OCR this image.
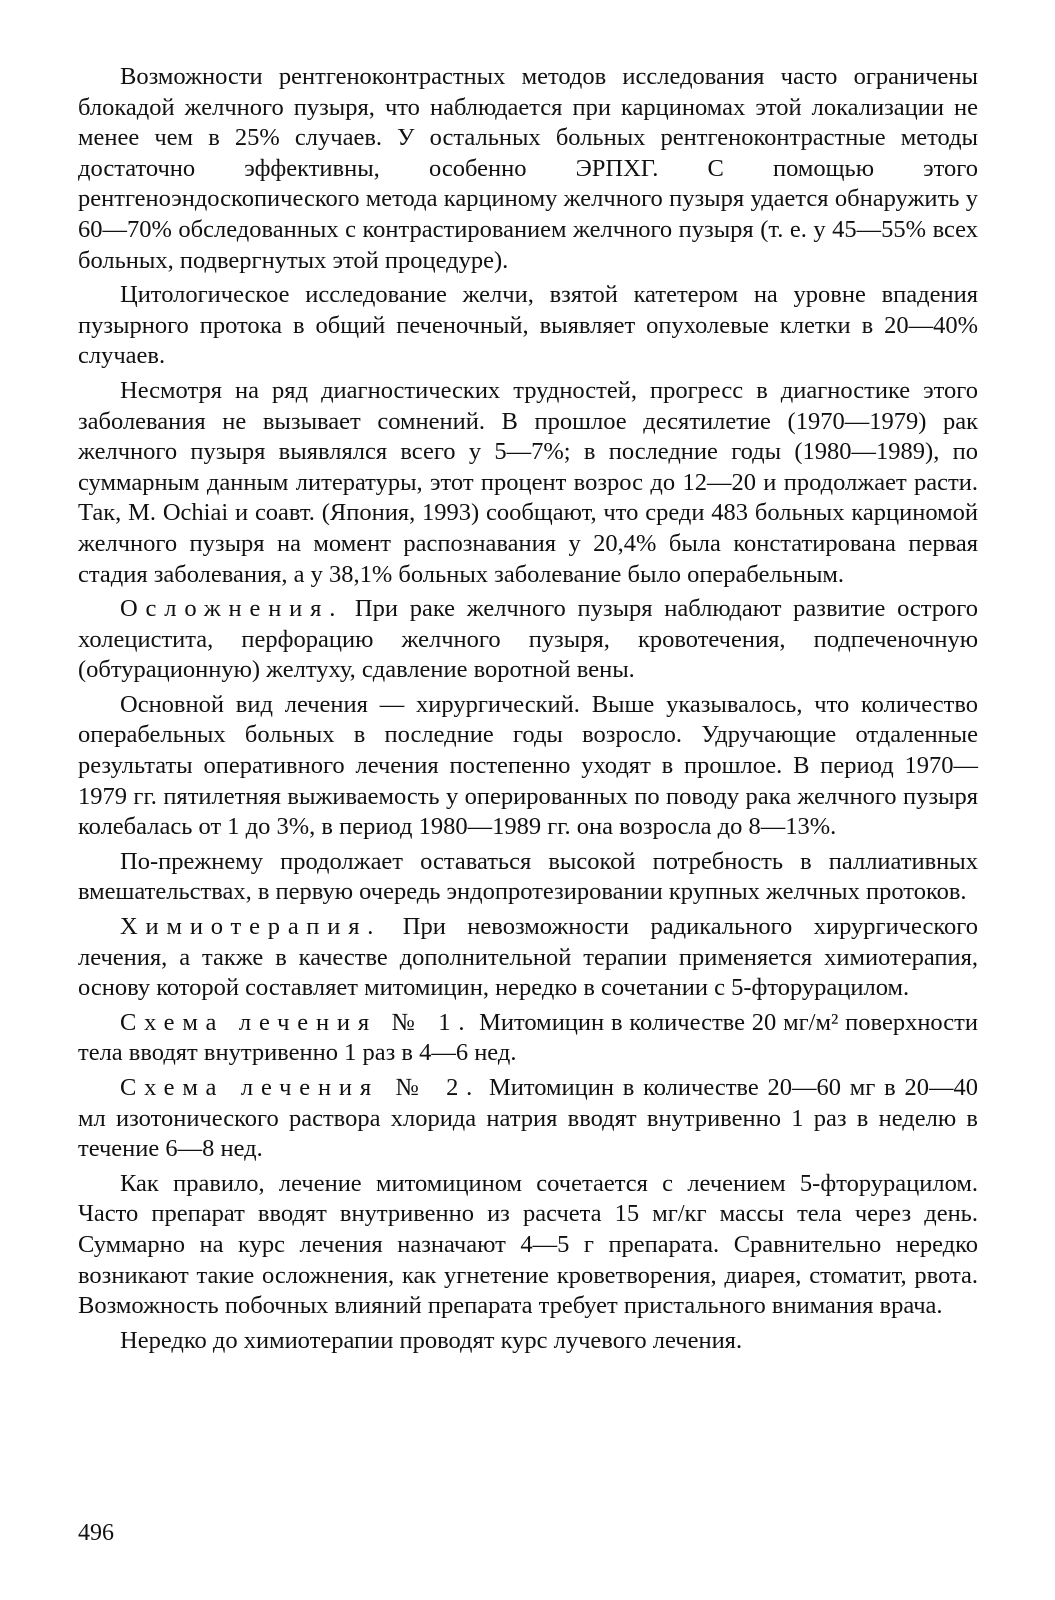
Возможности рентгеноконтрастных методов исследования часто ограничены блокадой желчного пузыря, что наблюдается при карциномах этой локализации не менее чем в 25% случаев. У остальных больных рентгеноконтрастные методы достаточно эффективны, особенно ЭРПХГ. С помощью этого рентгеноэндоскопического метода карциному желчного пузыря удается обнаружить у 60—70% обследованных с контрастированием желчного пузыря (т. е. у 45—55% всех больных, подвергнутых этой процедуре).

Цитологическое исследование желчи, взятой катетером на уровне впадения пузырного протока в общий печеночный, выявляет опухолевые клетки в 20—40% случаев.

Несмотря на ряд диагностических трудностей, прогресс в диагностике этого заболевания не вызывает сомнений. В прошлое десятилетие (1970—1979) рак желчного пузыря выявлялся всего у 5—7%; в последние годы (1980—1989), по суммарным данным литературы, этот процент возрос до 12—20 и продолжает расти. Так, М. Ochiai и соавт. (Япония, 1993) сообщают, что среди 483 больных карциномой желчного пузыря на момент распознавания у 20,4% была констатирована первая стадия заболевания, а у 38,1% больных заболевание было операбельным.

Осложнения. При раке желчного пузыря наблюдают развитие острого холецистита, перфорацию желчного пузыря, кровотечения, подпеченочную (обтурационную) желтуху, сдавление воротной вены.

Основной вид лечения — хирургический. Выше указывалось, что количество операбельных больных в последние годы возросло. Удручающие отдаленные результаты оперативного лечения постепенно уходят в прошлое. В период 1970—1979 гг. пятилетняя выживаемость у оперированных по поводу рака желчного пузыря колебалась от 1 до 3%, в период 1980—1989 гг. она возросла до 8—13%.

По-прежнему продолжает оставаться высокой потребность в паллиативных вмешательствах, в первую очередь эндопротезировании крупных желчных протоков.

Химиотерапия. При невозможности радикального хирургического лечения, а также в качестве дополнительной терапии применяется химиотерапия, основу которой составляет митомицин, нередко в сочетании с 5-фторурацилом.

Схема лечения № 1. Митомицин в количестве 20 мг/м² поверхности тела вводят внутривенно 1 раз в 4—6 нед.

Схема лечения № 2. Митомицин в количестве 20—60 мг в 20—40 мл изотонического раствора хлорида натрия вводят внутривенно 1 раз в неделю в течение 6—8 нед.

Как правило, лечение митомицином сочетается с лечением 5-фторурацилом. Часто препарат вводят внутривенно из расчета 15 мг/кг массы тела через день. Суммарно на курс лечения назначают 4—5 г препарата. Сравнительно нередко возникают такие осложнения, как угнетение кроветворения, диарея, стоматит, рвота. Возможность побочных влияний препарата требует пристального внимания врача.

Нередко до химиотерапии проводят курс лучевого лечения.

496
